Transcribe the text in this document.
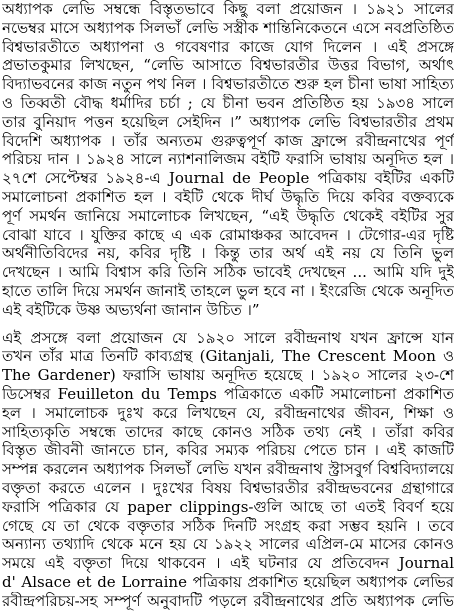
অধ্যাপক লেভি সম্বন্ধে বিস্তৃতভাবে কিছু বলা প্রয়োজন । ১৯২১ সালের
নভেম্বর মাসে অধ্যাপক সিলভাঁ লেভি সস্ত্রীক শান্তিনিকেতনে এসে নবপ্রতিষ্ঠিত
বিশ্বভারতীতে অধ্যাপনা ও গবেষণার কাজে যোগ দিলেন । এই প্রসঙ্গে
প্রভাতকুমার লিখছেন, “লেভি আসাতে বিশ্বভারতীর উত্তর বিভাগ, অর্থাৎ
বিদ্যাভবনের কাজ নতুন পথ নিল । বিশ্বভারতীতে শুরু হল চীনা ভাষা সাহিত্য
ও তিব্বতী বৌদ্ধ ধর্মাদির চর্চা ; যে চীনা ভবন প্রতিষ্ঠিত হয় ১৯৩৪ সালে
তার বুনিয়াদ পত্তন হয়েছিল সেইদিন ।” অধ্যাপক লেভি বিশ্বভারতীর প্রথম
বিদেশি অধ্যাপক । তাঁর অন্যতম গুরুত্বপূর্ণ কাজ ফ্রান্সে রবীন্দ্রনাথের পূর্ণ
পরিচয় দান । ১৯২৪ সালে ন্যাশনালিজম বইটি ফরাসি ভাষায় অনূদিত হল ।
২৭শে সেপ্টেম্বর ১৯২৪-এ Journal de People পত্রিকায় বইটির একটি
সমালোচনা প্রকাশিত হল । বইটি থেকে দীর্ঘ উদ্ধৃতি দিয়ে কবির বক্তব্যকে
পূর্ণ সমর্থন জানিয়ে সমালোচক লিখছেন, “এই উদ্ধৃতি থেকেই বইটির সুর
বোঝা যাবে । যুক্তির কাছে এ এক রোমাঞ্চকর আবেদন । টেগোর-এর দৃষ্টি
অর্থনীতিবিদের নয়, কবির দৃষ্টি । কিন্তু তার অর্থ এই নয় যে তিনি ভুল
দেখছেন । আমি বিশ্বাস করি তিনি সঠিক ভাবেই দেখছেন ... আমি যদি দুই
হাতে তালি দিয়ে সমর্থন জানাই তাহলে ভুল হবে না । ইংরেজি থেকে অনূদিত
এই বইটিকে উষ্ণ অভ্যর্থনা জানান উচিত ।”
এই প্রসঙ্গে বলা প্রয়োজন যে ১৯২০ সালে রবীন্দ্রনাথ যখন ফ্রান্সে যান
তখন তাঁর মাত্র তিনটি কাব্যগ্রন্থ (Gitanjali, The Crescent Moon ও
The Gardener) ফরাসি ভাষায় অনূদিত হয়েছে । ১৯২০ সালের ২৩-শে
ডিসেম্বর Feuilleton du Temps পত্রিকাতে একটি সমালোচনা প্রকাশিত
হল । সমালোচক দুঃখ করে লিখছেন যে, রবীন্দ্রনাথের জীবন, শিক্ষা ও
সাহিত্যকৃতি সম্বন্ধে তাদের কাছে কোনও সঠিক তথ্য নেই । তাঁরা কবির
বিস্তৃত জীবনী জানতে চান, কবির সম্যক পরিচয় পেতে চান । এই কাজটি
সম্পন্ন করলেন অধ্যাপক সিলভাঁ লেভি যখন রবীন্দ্রনাথ স্ট্রাসবুর্গ বিশ্ববিদ্যালয়ে
বক্তৃতা করতে এলেন । দুঃখের বিষয় বিশ্বভারতীর রবীন্দ্রভবনের গ্রন্থাগারে
ফরাসি পত্রিকার যে paper clippings-গুলি আছে তা এতই বিবর্ণ হয়ে
গেছে যে তা থেকে বক্তৃতার সঠিক দিনটি সংগ্রহ করা সম্ভব হয়নি । তবে
অন্যান্য তথ্যাদি থেকে মনে হয় যে ১৯২২ সালের এপ্রিল-মে মাসের কোনও
সময়ে এই বক্তৃতা দিয়ে থাকবেন । এই ঘটনার যে প্রতিবেদন Journal
d' Alsace et de Lorraine পত্রিকায় প্রকাশিত হয়েছিল অধ্যাপক লেভির
রবীন্দ্রপরিচয়-সহ সম্পূর্ণ অনুবাদটি পড়লে রবীন্দ্রনাথের প্রতি অধ্যাপক লেভি
